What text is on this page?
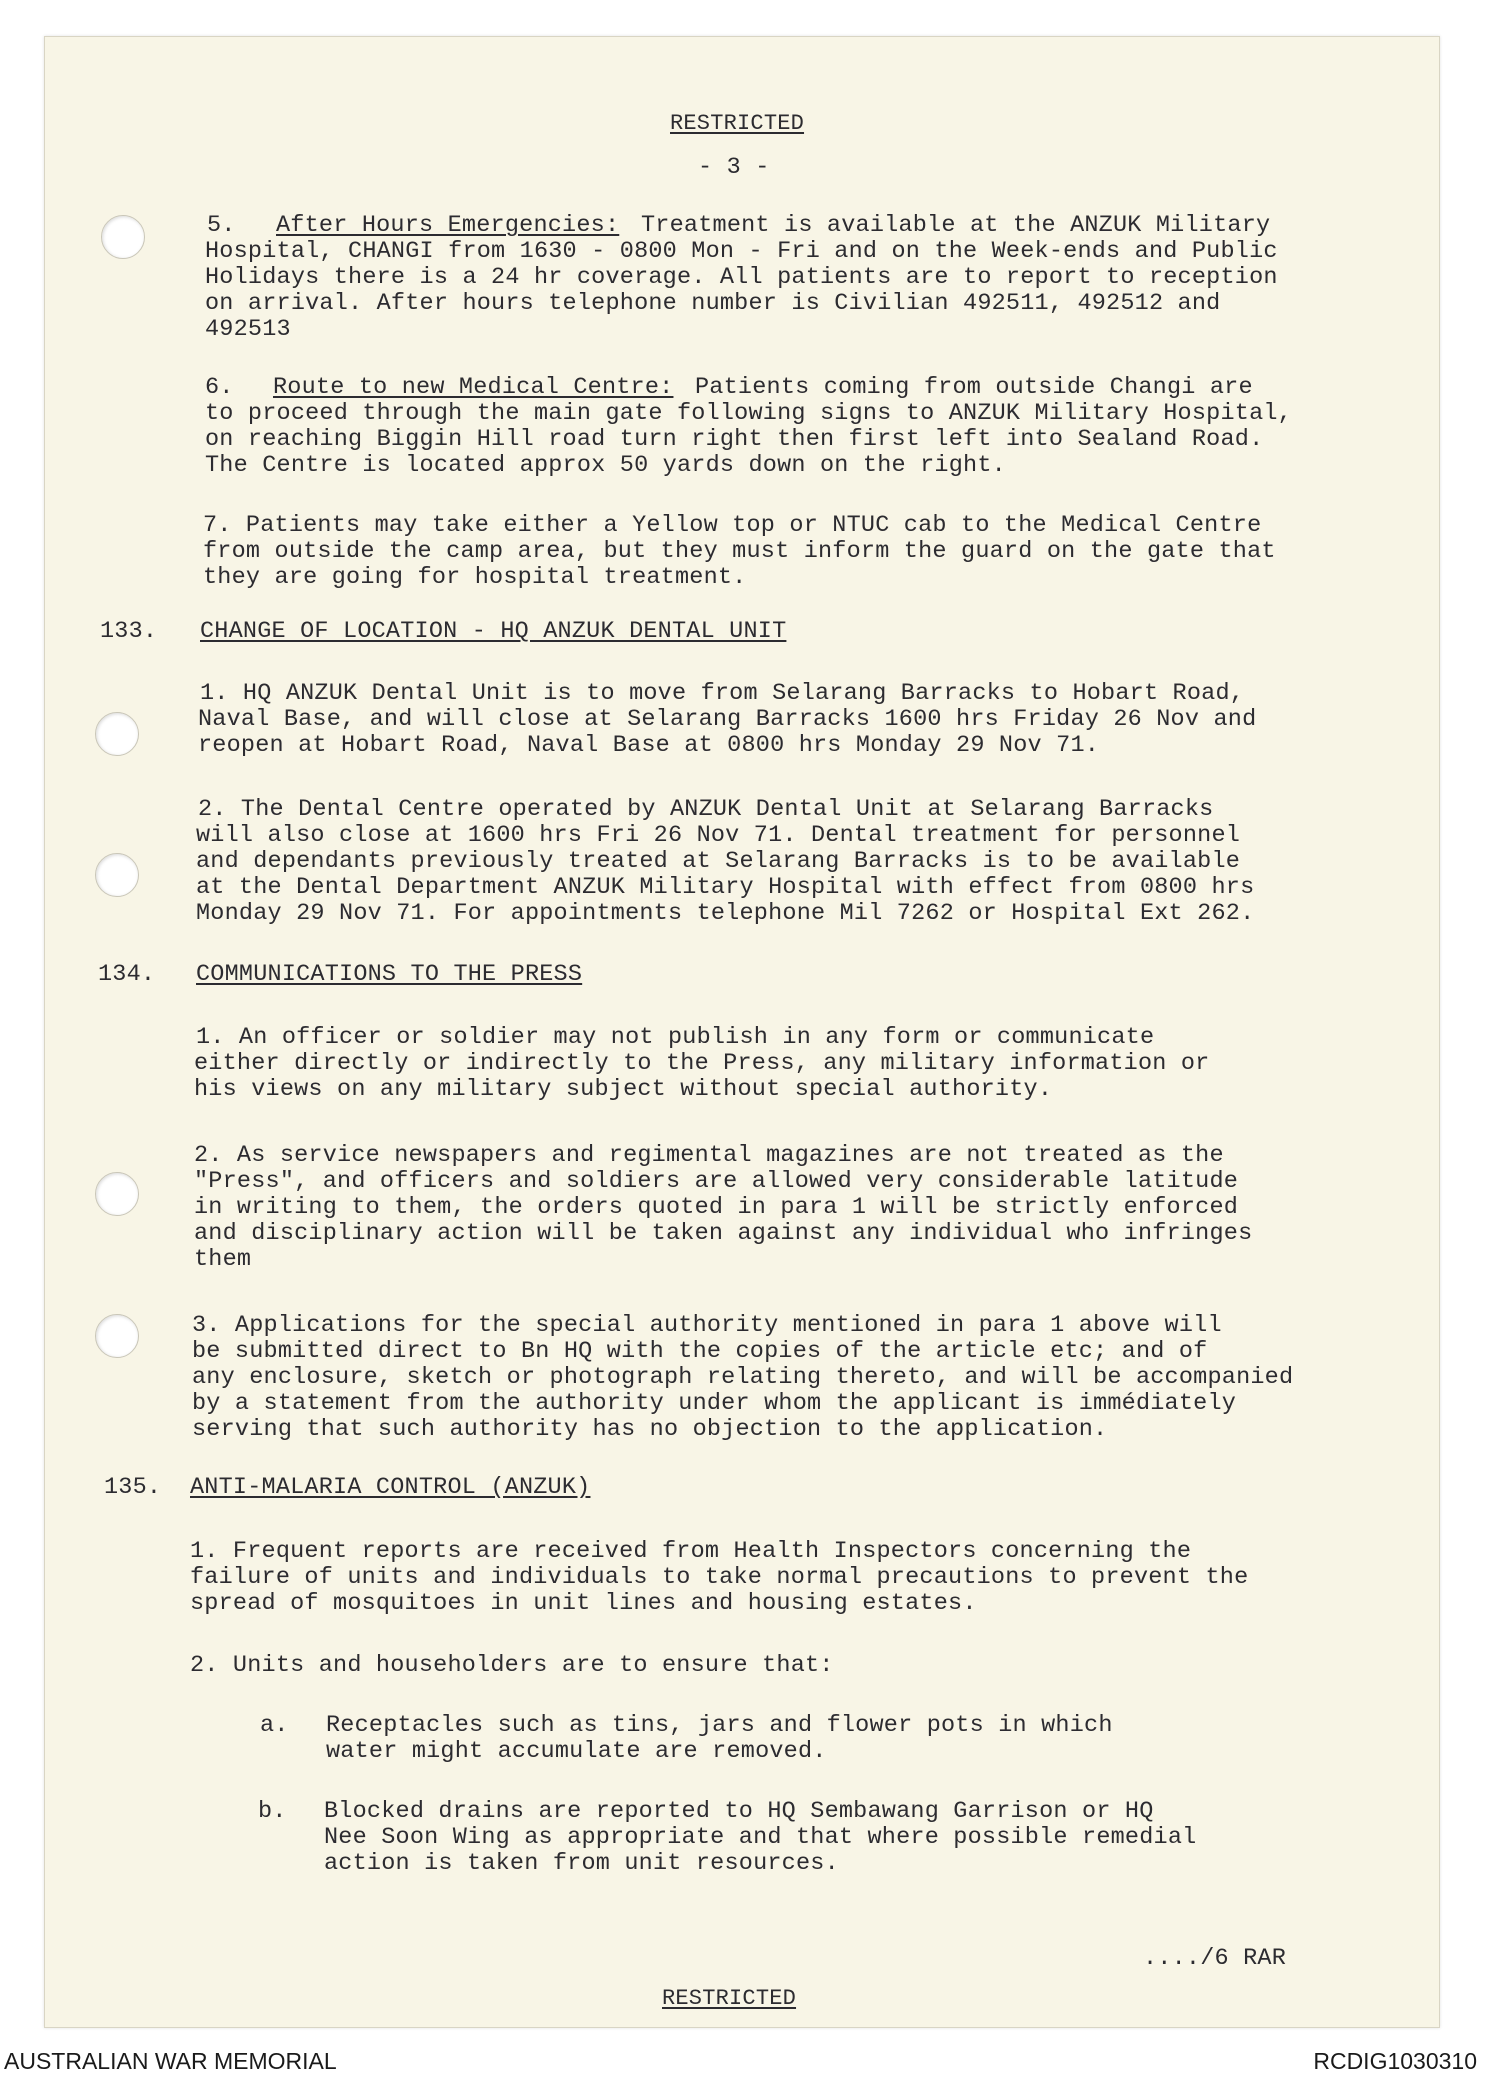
RESTRICTED
- 3 -
5. After Hours Emergencies: Treatment is available at the ANZUK Military
Hospital, CHANGI from 1630 - 0800 Mon - Fri and on the Week-ends and Public
Holidays there is a 24 hr coverage. All patients are to report to reception
on arrival. After hours telephone number is Civilian 492511, 492512 and
492513
6. Route to new Medical Centre: Patients coming from outside Changi are
to proceed through the main gate following signs to ANZUK Military Hospital,
on reaching Biggin Hill road turn right then first left into Sealand Road.
The Centre is located approx 50 yards down on the right.
7. Patients may take either a Yellow top or NTUC cab to the Medical Centre
from outside the camp area, but they must inform the guard on the gate that
they are going for hospital treatment.
133. CHANGE OF LOCATION - HQ ANZUK DENTAL UNIT
1. HQ ANZUK Dental Unit is to move from Selarang Barracks to Hobart Road,
Naval Base, and will close at Selarang Barracks 1600 hrs Friday 26 Nov and
reopen at Hobart Road, Naval Base at 0800 hrs Monday 29 Nov 71.
2. The Dental Centre operated by ANZUK Dental Unit at Selarang Barracks
will also close at 1600 hrs Fri 26 Nov 71. Dental treatment for personnel
and dependants previously treated at Selarang Barracks is to be available
at the Dental Department ANZUK Military Hospital with effect from 0800 hrs
Monday 29 Nov 71. For appointments telephone Mil 7262 or Hospital Ext 262.
134. COMMUNICATIONS TO THE PRESS
1. An officer or soldier may not publish in any form or communicate
either directly or indirectly to the Press, any military information or
his views on any military subject without special authority.
2. As service newspapers and regimental magazines are not treated as the
"Press", and officers and soldiers are allowed very considerable latitude
in writing to them, the orders quoted in para 1 will be strictly enforced
and disciplinary action will be taken against any individual who infringes
them
3. Applications for the special authority mentioned in para 1 above will
be submitted direct to Bn HQ with the copies of the article etc; and of
any enclosure, sketch or photograph relating thereto, and will be accompanied
by a statement from the authority under whom the applicant is immédiately
serving that such authority has no objection to the application.
135. ANTI-MALARIA CONTROL (ANZUK)
1. Frequent reports are received from Health Inspectors concerning the
failure of units and individuals to take normal precautions to prevent the
spread of mosquitoes in unit lines and housing estates.
2. Units and householders are to ensure that:
a. Receptacles such as tins, jars and flower pots in which
water might accumulate are removed.
b. Blocked drains are reported to HQ Sembawang Garrison or HQ
Nee Soon Wing as appropriate and that where possible remedial
action is taken from unit resources.
..../6 RAR
RESTRICTED
AUSTRALIAN WAR MEMORIAL	RCDIG1030310
